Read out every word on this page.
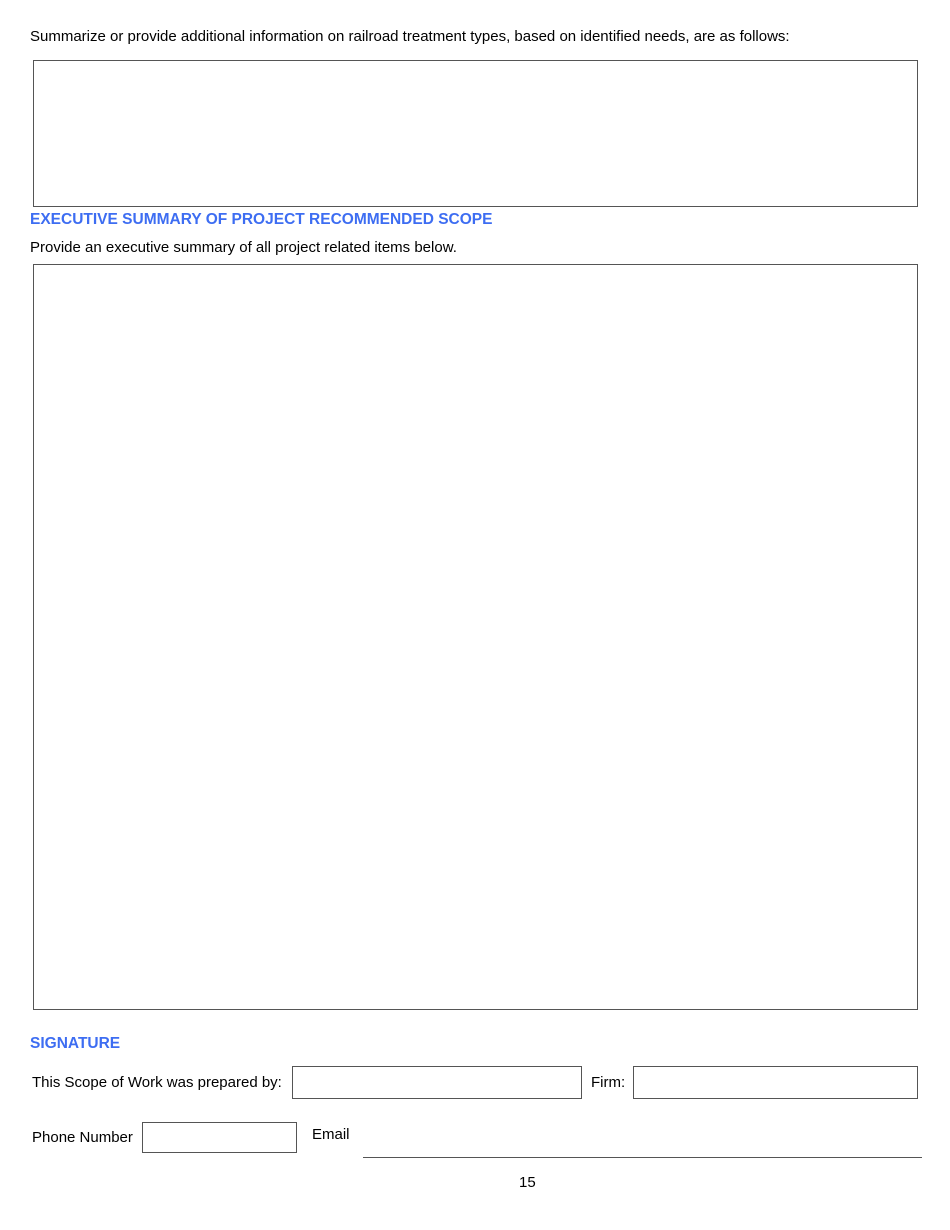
Summarize or provide additional information on railroad treatment types, based on identified needs, are as follows:
EXECUTIVE SUMMARY OF PROJECT RECOMMENDED SCOPE
Provide an executive summary of all project related items below.
SIGNATURE
This Scope of Work was prepared by:	Firm:
Phone Number	Email
15
